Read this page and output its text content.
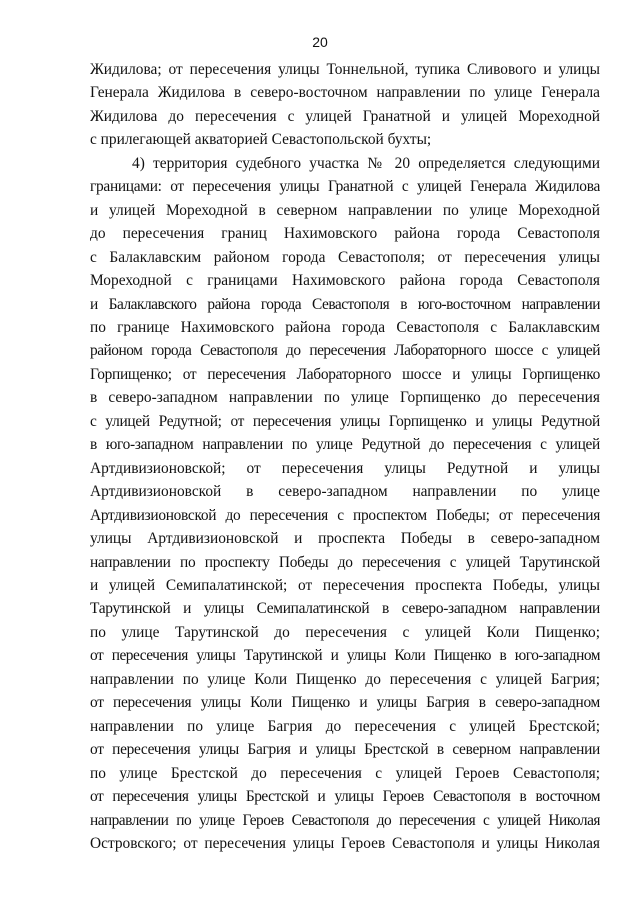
20
Жидилова; от пересечения улицы Тоннельной, тупика Сливового и улицы
Генерала Жидилова в северо-восточном направлении по улице Генерала
Жидилова до пересечения с улицей Гранатной и улицей Мореходной
с прилегающей акваторией Севастопольской бухты;
4) территория судебного участка № 20 определяется следующими
границами: от пересечения улицы Гранатной с улицей Генерала Жидилова
и улицей Мореходной в северном направлении по улице Мореходной
до пересечения границ Нахимовского района города Севастополя
с Балаклавским районом города Севастополя; от пересечения улицы
Мореходной с границами Нахимовского района города Севастополя
и Балаклавского района города Севастополя в юго-восточном направлении
по границе Нахимовского района города Севастополя с Балаклавским
районом города Севастополя до пересечения Лабораторного шоссе с улицей
Горпищенко; от пересечения Лабораторного шоссе и улицы Горпищенко
в северо-западном направлении по улице Горпищенко до пересечения
с улицей Редутной; от пересечения улицы Горпищенко и улицы Редутной
в юго-западном направлении по улице Редутной до пересечения с улицей
Артдивизионовской; от пересечения улицы Редутной и улицы
Артдивизионовской в северо-западном направлении по улице
Артдивизионовской до пересечения с проспектом Победы; от пересечения
улицы Артдивизионовской и проспекта Победы в северо-западном
направлении по проспекту Победы до пересечения с улицей Тарутинской
и улицей Семипалатинской; от пересечения проспекта Победы, улицы
Тарутинской и улицы Семипалатинской в северо-западном направлении
по улице Тарутинской до пересечения с улицей Коли Пищенко;
от пересечения улицы Тарутинской и улицы Коли Пищенко в юго-западном
направлении по улице Коли Пищенко до пересечения с улицей Багрия;
от пересечения улицы Коли Пищенко и улицы Багрия в северо-западном
направлении по улице Багрия до пересечения с улицей Брестской;
от пересечения улицы Багрия и улицы Брестской в северном направлении
по улице Брестской до пересечения с улицей Героев Севастополя;
от пересечения улицы Брестской и улицы Героев Севастополя в восточном
направлении по улице Героев Севастополя до пересечения с улицей Николая
Островского; от пересечения улицы Героев Севастополя и улицы Николая
